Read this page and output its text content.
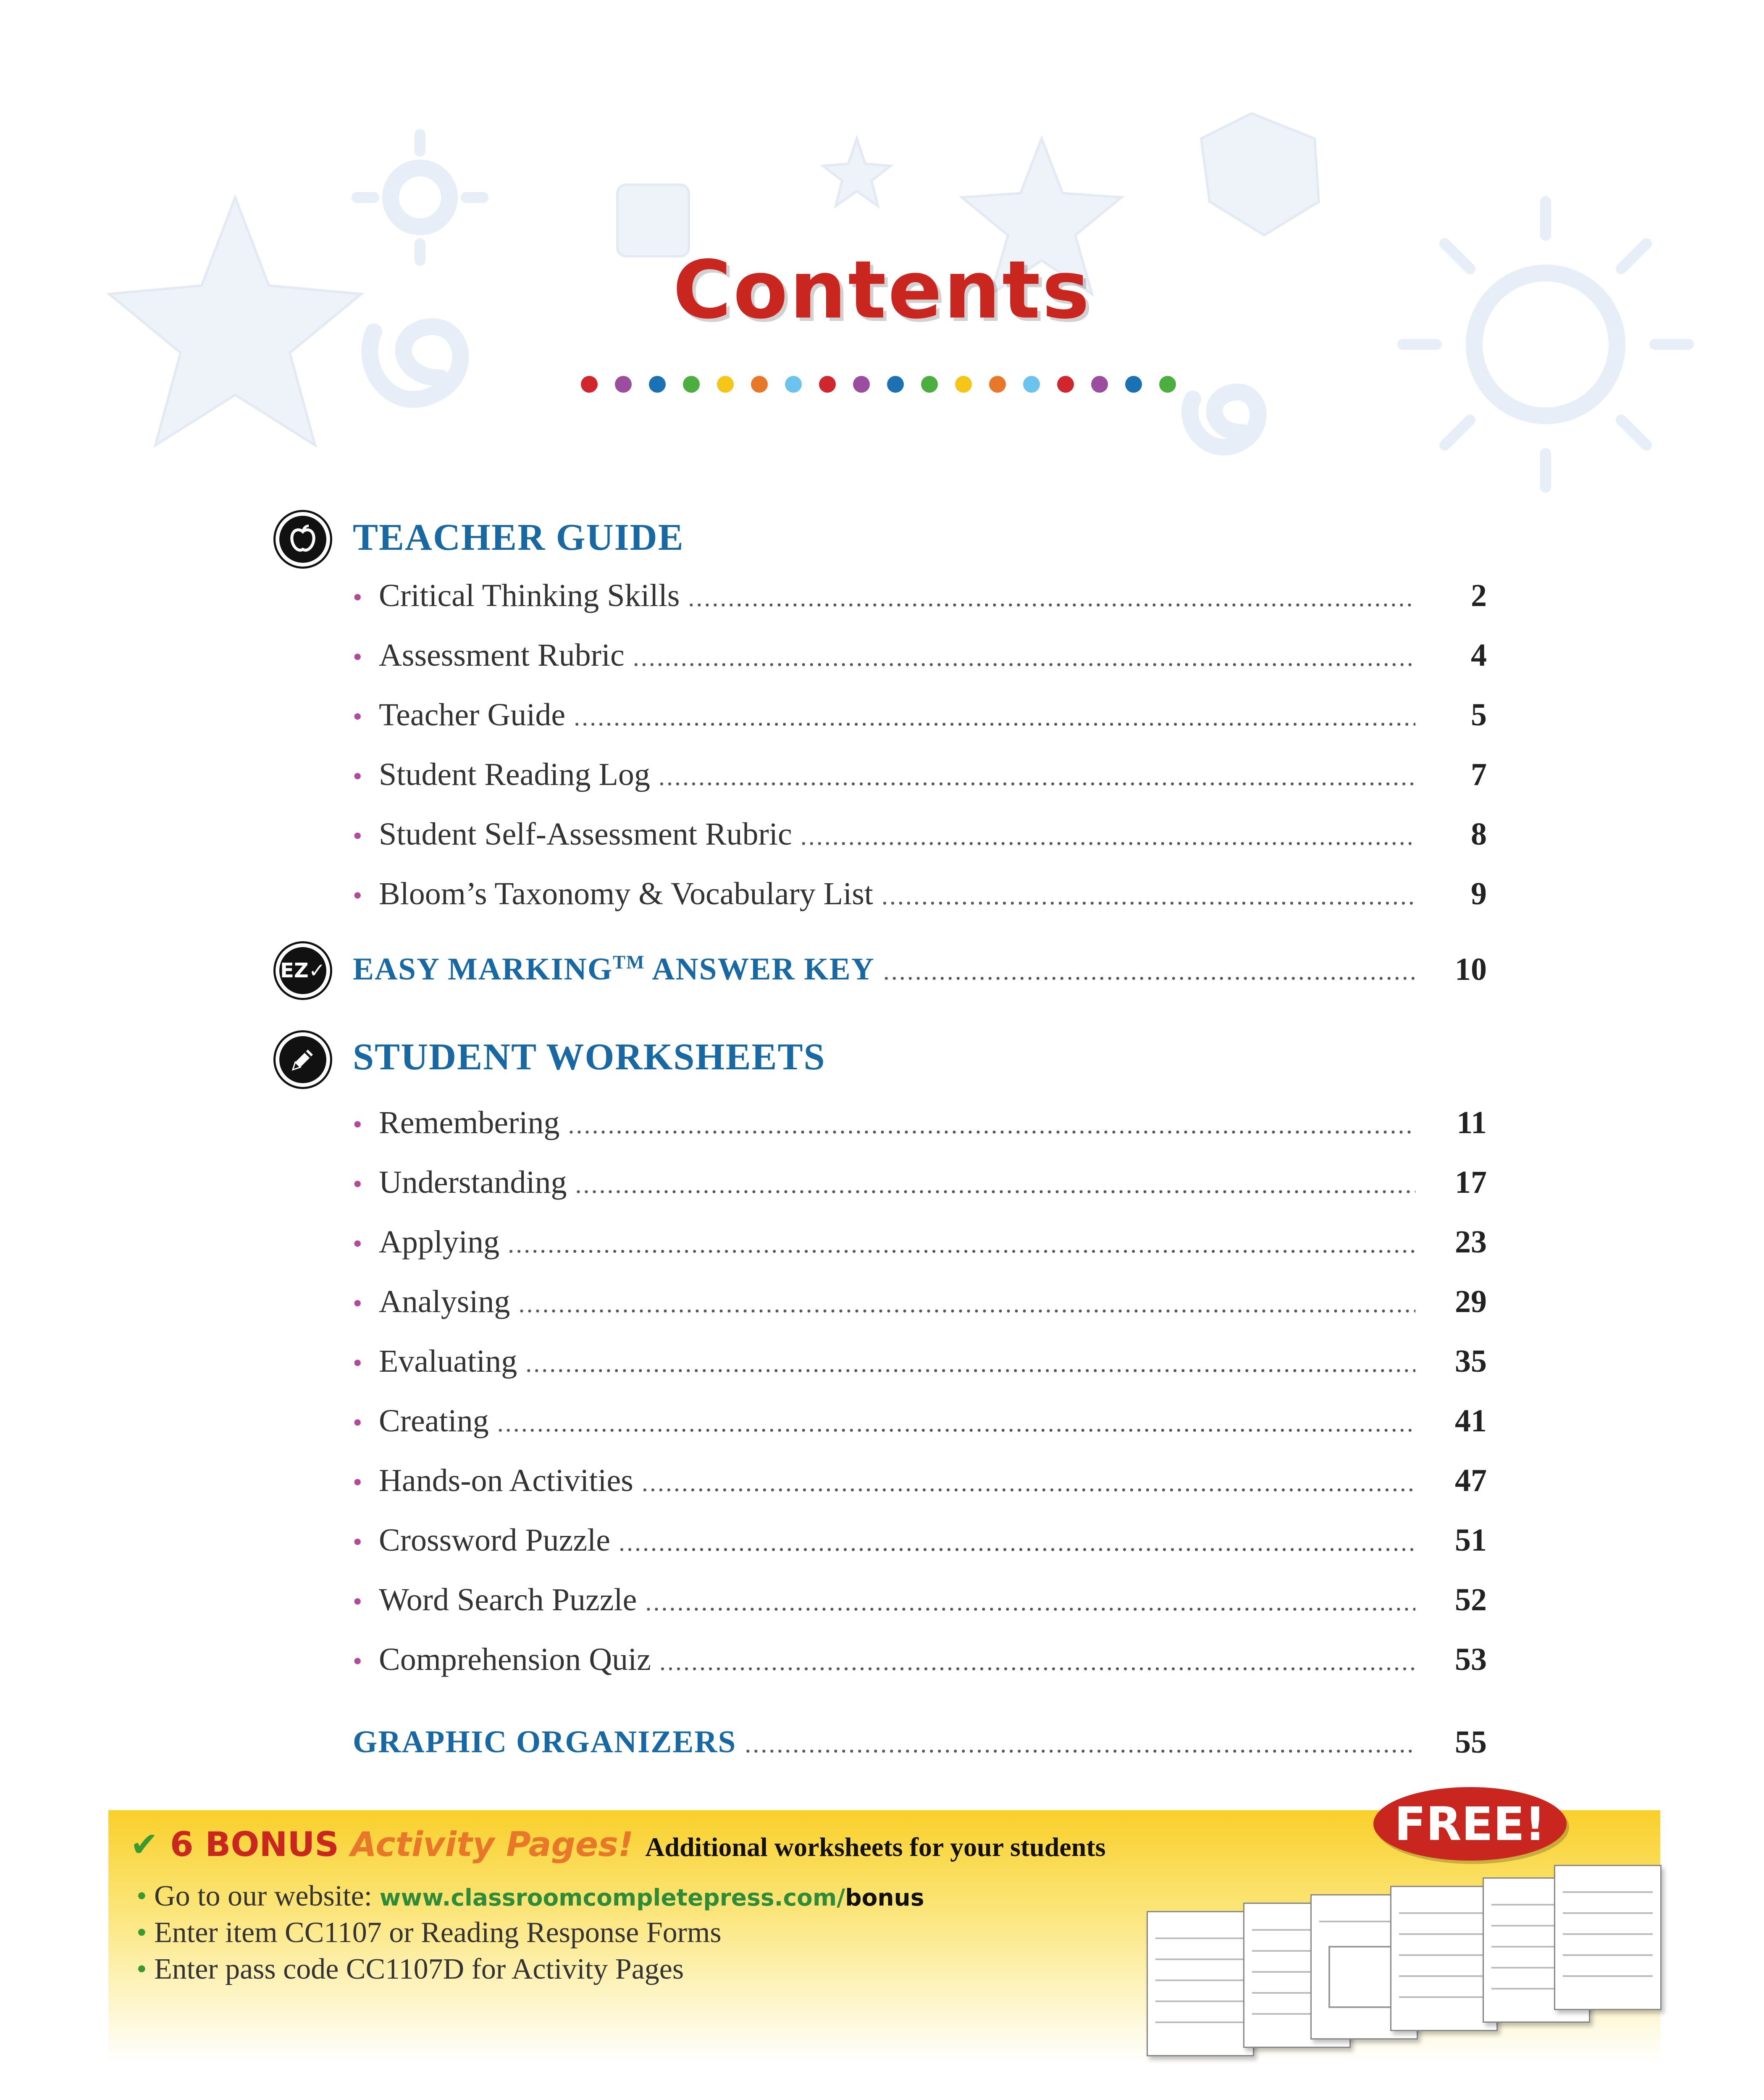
Contents
TEACHER GUIDE
• Critical Thinking Skills .....	2
• Assessment Rubric .....	4
• Teacher Guide .....	5
• Student Reading Log .....	7
• Student Self-Assessment Rubric .....	8
• Bloom’s Taxonomy & Vocabulary List .....	9
EZ✓ EASY MARKING™ ANSWER KEY .....	10
STUDENT WORKSHEETS
• Remembering .....	11
• Understanding .....	17
• Applying .....	23
• Analysing .....	29
• Evaluating .....	35
• Creating .....	41
• Hands-on Activities .....	47
• Crossword Puzzle .....	51
• Word Search Puzzle .....	52
• Comprehension Quiz .....	53
GRAPHIC ORGANIZERS .....	55
✔ 6 BONUS Activity Pages! Additional worksheets for your students
• Go to our website: www.classroomcompletepress.com/bonus
• Enter item CC1107 or Reading Response Forms
• Enter pass code CC1107D for Activity Pages
FREE!
